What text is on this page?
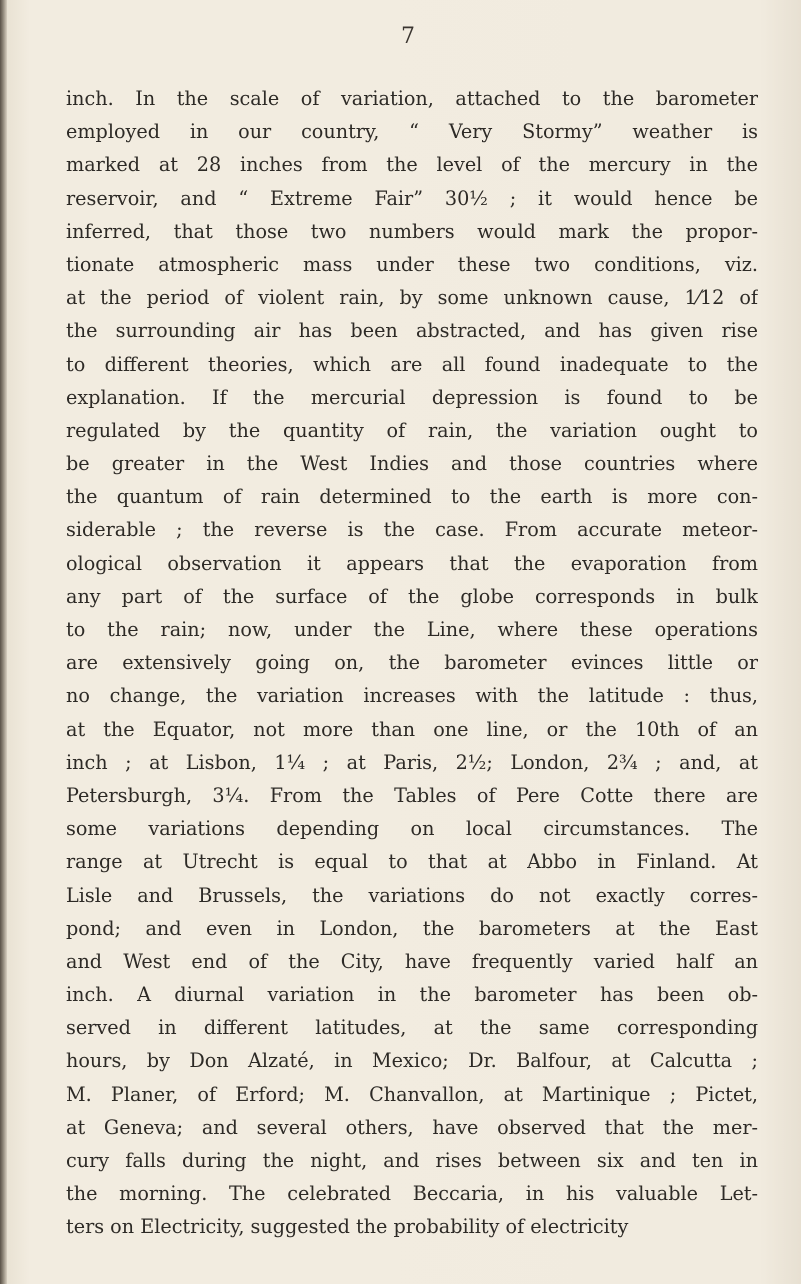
7
inch. In the scale of variation, attached to the barometer
employed in our country, “ Very Stormy” weather is
marked at 28 inches from the level of the mercury in the
reservoir, and “ Extreme Fair” 30½ ; it would hence be
inferred, that those two numbers would mark the propor-
tionate atmospheric mass under these two conditions, viz.
at the period of violent rain, by some unknown cause, 1⁄12 of
the surrounding air has been abstracted, and has given rise
to different theories, which are all found inadequate to the
explanation. If the mercurial depression is found to be
regulated by the quantity of rain, the variation ought to
be greater in the West Indies and those countries where
the quantum of rain determined to the earth is more con-
siderable ; the reverse is the case. From accurate meteor-
ological observation it appears that the evaporation from
any part of the surface of the globe corresponds in bulk
to the rain; now, under the Line, where these operations
are extensively going on, the barometer evinces little or
no change, the variation increases with the latitude : thus,
at the Equator, not more than one line, or the 10th of an
inch ; at Lisbon, 1¼ ; at Paris, 2½; London, 2¾ ; and, at
Petersburgh, 3¼. From the Tables of Pere Cotte there are
some variations depending on local circumstances. The
range at Utrecht is equal to that at Abbo in Finland. At
Lisle and Brussels, the variations do not exactly corres-
pond; and even in London, the barometers at the East
and West end of the City, have frequently varied half an
inch. A diurnal variation in the barometer has been ob-
served in different latitudes, at the same corresponding
hours, by Don Alzaté, in Mexico; Dr. Balfour, at Calcutta ;
M. Planer, of Erford; M. Chanvallon, at Martinique ; Pictet,
at Geneva; and several others, have observed that the mer-
cury falls during the night, and rises between six and ten in
the morning. The celebrated Beccaria, in his valuable Let-
ters on Electricity, suggested the probability of electricity
